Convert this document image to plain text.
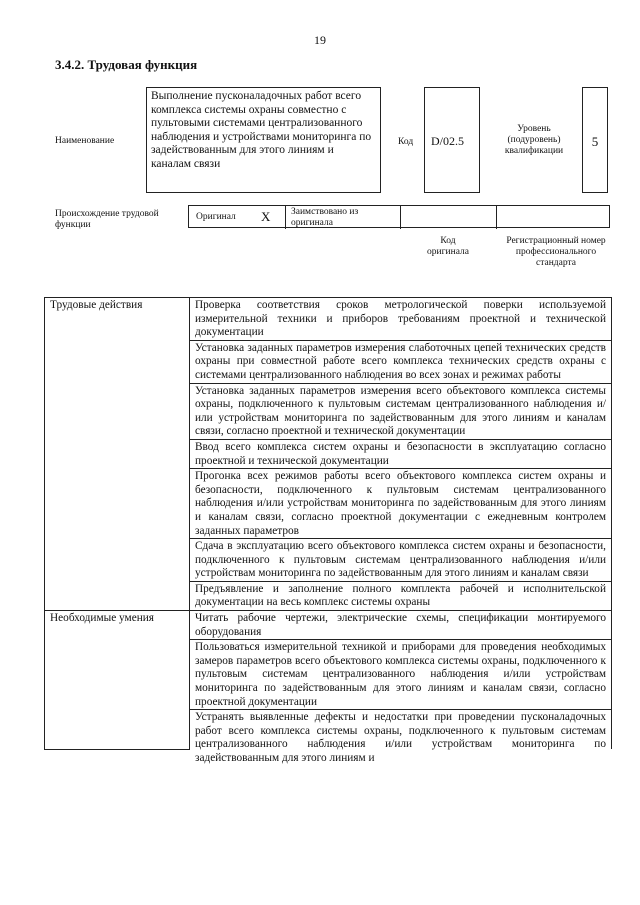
19
3.4.2. Трудовая функция
Наименование
Выполнение пусконаладочных работ всего комплекса системы охраны совместно с пультовыми системами централизованного наблюдения и устройствами мониторинга по задействованным для этого линиям и каналам связи
Код D/02.5
Уровень (подуровень) квалификации
5
Происхождение трудовой функции
Оригинал X Заимствовано из оригинала
Код оригинала
Регистрационный номер профессионального стандарта
Трудовые действия	Проверка соответствия сроков метрологической поверки используемой измерительной техники и приборов требованиям проектной и технической документации
	Установка заданных параметров измерения слаботочных цепей технических средств охраны при совместной работе всего комплекса технических средств охраны с системами централизованного наблюдения во всех зонах и режимах работы
	Установка заданных параметров измерения всего объектового комплекса системы охраны, подключенного к пультовым системам централизованного наблюдения и/или устройствам мониторинга по задействованным для этого линиям и каналам связи, согласно проектной и технической документации
	Ввод всего комплекса систем охраны и безопасности в эксплуатацию согласно проектной и технической документации
	Прогонка всех режимов работы всего объектового комплекса систем охраны и безопасности, подключенного к пультовым системам централизованного наблюдения и/или устройствам мониторинга по задействованным для этого линиям и каналам связи, согласно проектной документации с ежедневным контролем заданных параметров
	Сдача в эксплуатацию всего объектового комплекса систем охраны и безопасности, подключенного к пультовым системам централизованного наблюдения и/или устройствам мониторинга по задействованным для этого линиям и каналам связи
	Предъявление и заполнение полного комплекта рабочей и исполнительской документации на весь комплекс системы охраны
Необходимые умения	Читать рабочие чертежи, электрические схемы, спецификации монтируемого оборудования
	Пользоваться измерительной техникой и приборами для проведения необходимых замеров параметров всего объектового комплекса системы охраны, подключенного к пультовым системам централизованного наблюдения и/или устройствам мониторинга по задействованным для этого линиям и каналам связи, согласно проектной документации

	Устранять выявленные дефекты и недостатки при проведении пусконаладочных работ всего комплекса системы охраны, подключенного к пультовым системам централизованного наблюдения и/или устройствам мониторинга по задействованным для этого линиям и
